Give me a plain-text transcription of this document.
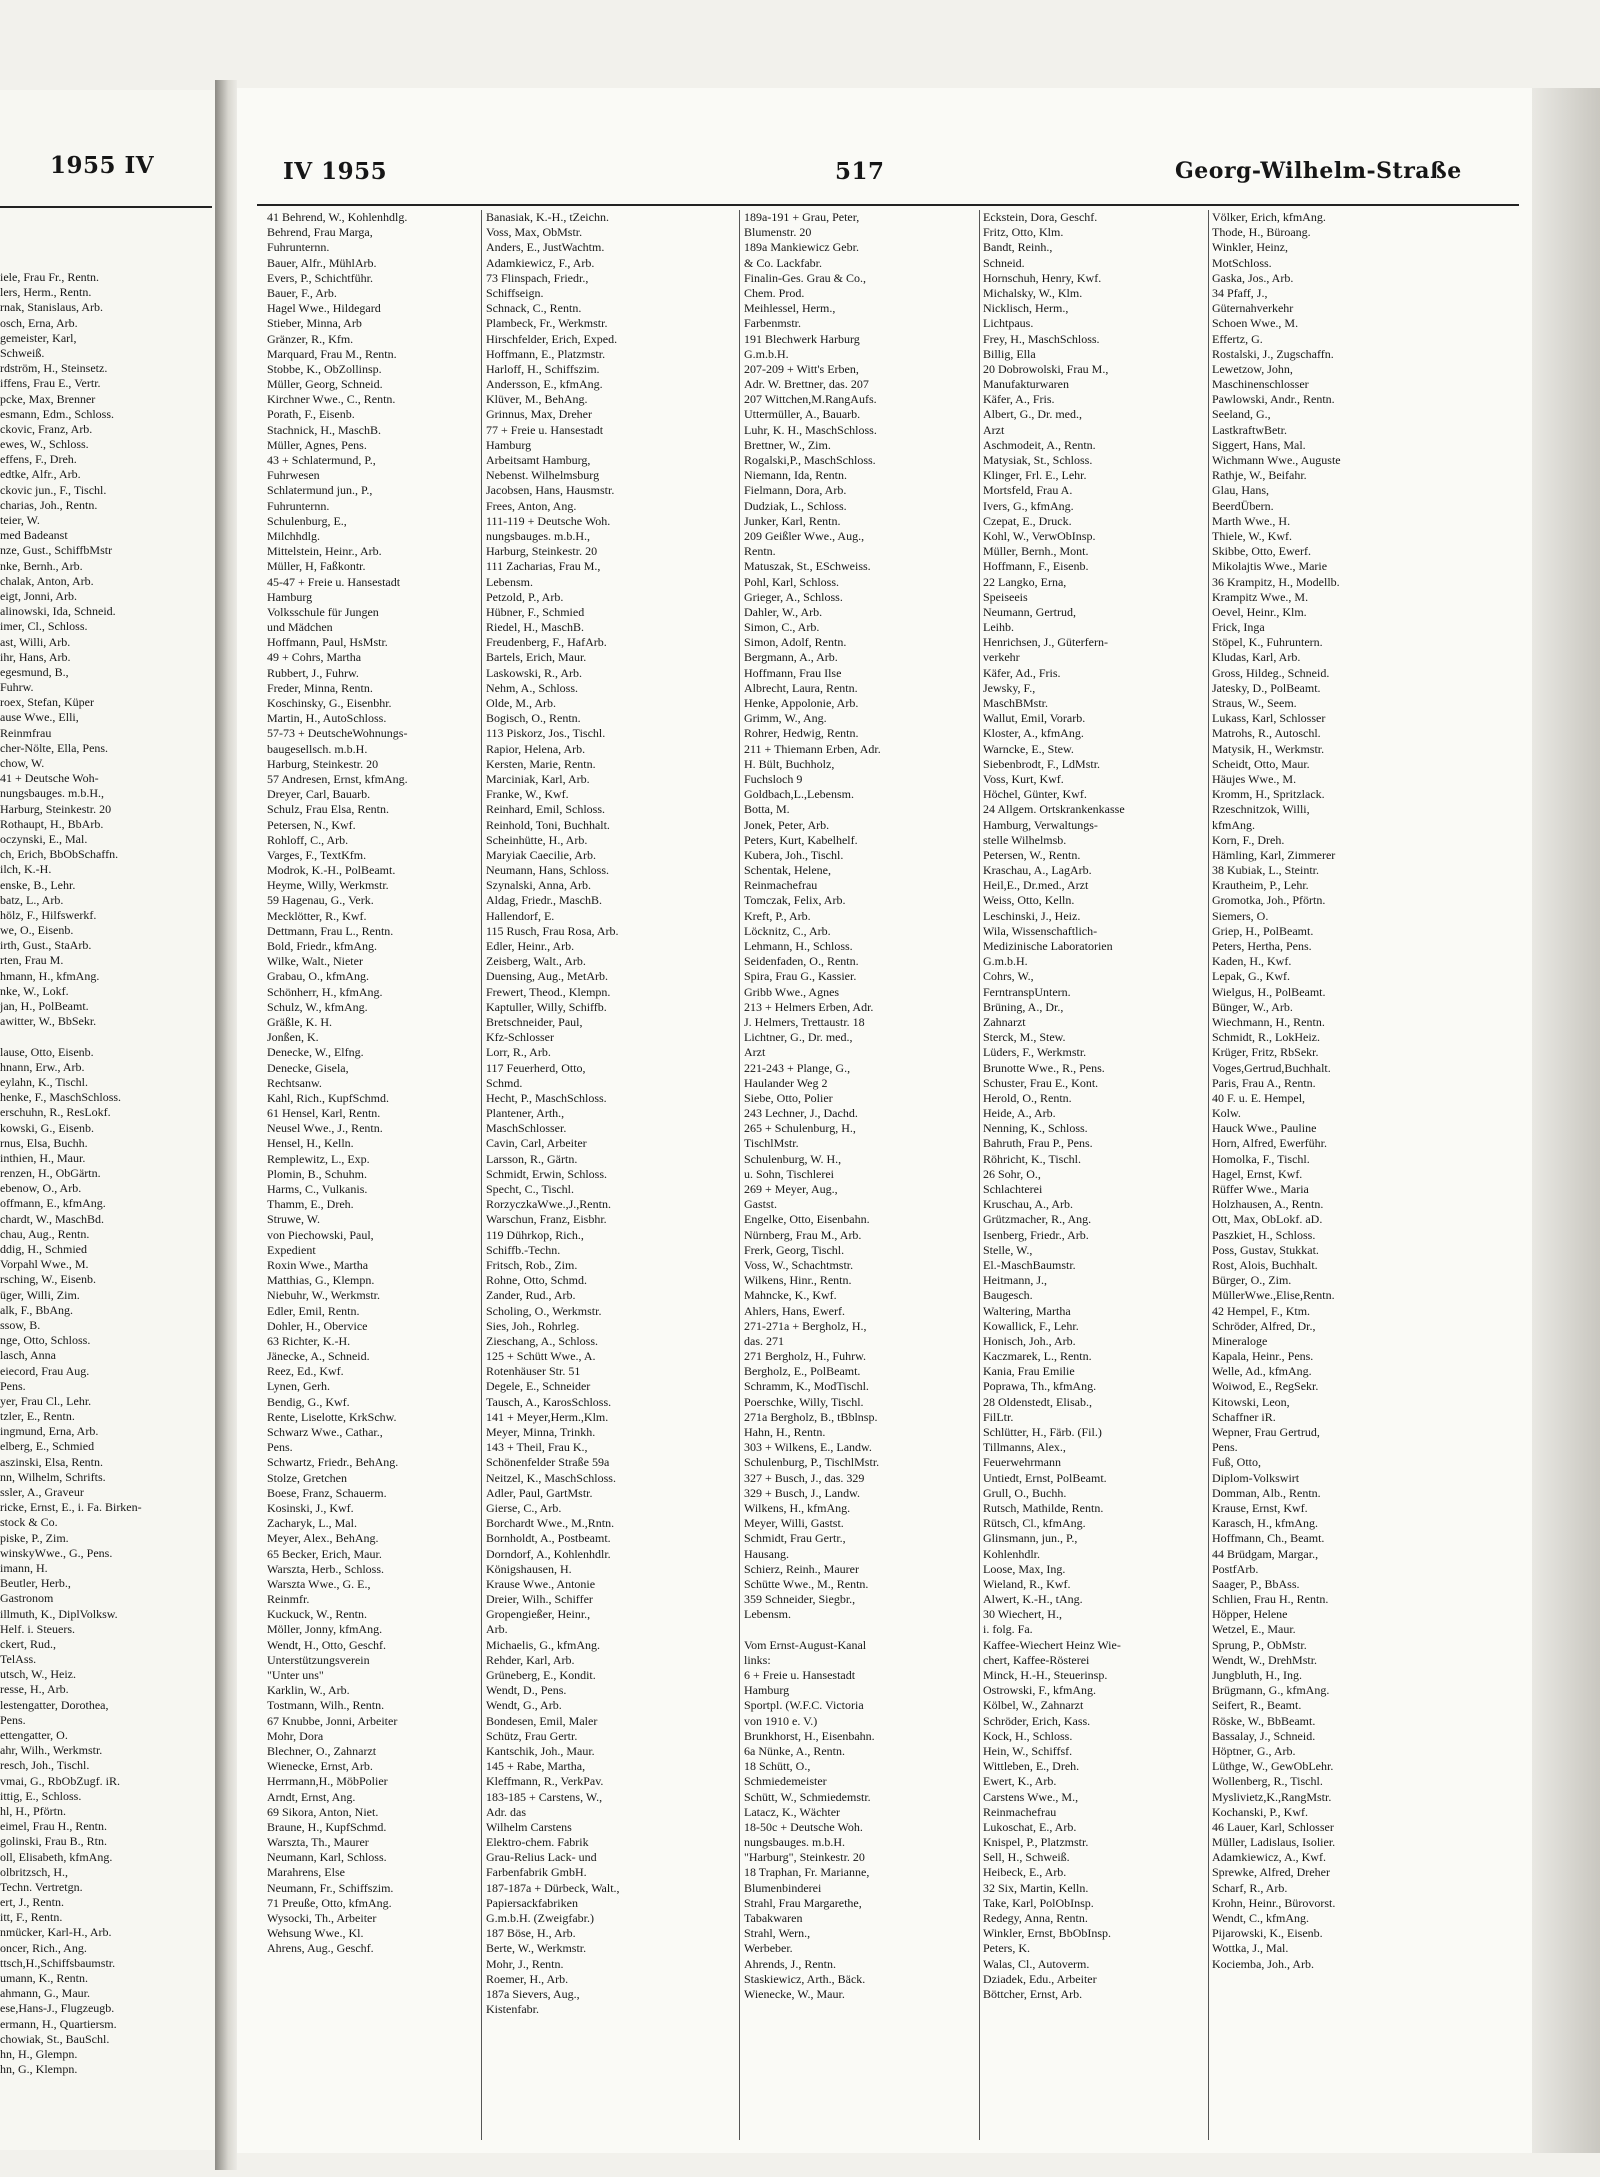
1955 IV
iele, Frau Fr., Rentn.
lers, Herm., Rentn.
rnak, Stanislaus, Arb.
osch, Erna, Arb.
gemeister, Karl,
Schweiß.
rdström, H., Steinsetz.
iffens, Frau E., Vertr.
pcke, Max, Brenner
esmann, Edm., Schloss.
ckovic, Franz, Arb.
ewes, W., Schloss.
effens, F., Dreh.
edtke, Alfr., Arb.
ckovic jun., F., Tischl.
charias, Joh., Rentn.
teier, W.
med Badeanst
nze, Gust., SchiffbMstr
nke, Bernh., Arb.
chalak, Anton, Arb.
eigt, Jonni, Arb.
alinowski, Ida, Schneid.
imer, Cl., Schloss.
ast, Willi, Arb.
ihr, Hans, Arb.
egesmund, B.,
Fuhrw.
roex, Stefan, Küper
ause Wwe., Elli,
Reinmfrau
cher-Nölte, Ella, Pens.
chow, W.
41 + Deutsche Woh-
nungsbauges. m.b.H.,
Harburg, Steinkestr. 20
Rothaupt, H., BbArb.
oczynski, E., Mal.
ch, Erich, BbObSchaffn.
ilch, K.-H.
enske, B., Lehr.
batz, L., Arb.
hölz, F., Hilfswerkf.
we, O., Eisenb.
irth, Gust., StaArb.
rten, Frau M.
hmann, H., kfmAng.
nke, W., Lokf.
jan, H., PolBeamt.
awitter, W., BbSekr.

lause, Otto, Eisenb.
hnann, Erw., Arb.
eylahn, K., Tischl.
henke, F., MaschSchloss.
erschuhn, R., ResLokf.
kowski, G., Eisenb.
rnus, Elsa, Buchh.
inthien, H., Maur.
renzen, H., ObGärtn.
ebenow, O., Arb.
offmann, E., kfmAng.
chardt, W., MaschBd.
chau, Aug., Rentn.
ddig, H., Schmied
Vorpahl Wwe., M.
rsching, W., Eisenb.
üger, Willi, Zim.
alk, F., BbAng.
ssow, B.
nge, Otto, Schloss.
lasch, Anna
eiecord, Frau Aug.
Pens.
yer, Frau Cl., Lehr.
tzler, E., Rentn.
ingmund, Erna, Arb.
elberg, E., Schmied
aszinski, Elsa, Rentn.
nn, Wilhelm, Schrifts.
ssler, A., Graveur
ricke, Ernst, E., i. Fa. Birken-
stock & Co.
piske, P., Zim.
winskyWwe., G., Pens.
imann, H.
Beutler, Herb.,
Gastronom
illmuth, K., DiplVolksw.
Helf. i. Steuers.
ckert, Rud.,
TelAss.
utsch, W., Heiz.
resse, H., Arb.
lestengatter, Dorothea,
Pens.
ettengatter, O.
ahr, Wilh., Werkmstr.
resch, Joh., Tischl.
vmai, G., RbObZugf. iR.
ittig, E., Schloss.
hl, H., Pförtn.
eimel, Frau H., Rentn.
golinski, Frau B., Rtn.
oll, Elisabeth, kfmAng.
olbritzsch, H.,
Techn. Vertretgn.
ert, J., Rentn.
itt, F., Rentn.
nmücker, Karl-H., Arb.
oncer, Rich., Ang.
ttsch,H.,Schiffsbaumstr.
umann, K., Rentn.
ahmann, G., Maur.
ese,Hans-J., Flugzeugb.
ermann, H., Quartiersm.
chowiak, St., BauSchl.
hn, H., Glempn.
hn, G., Klempn.
IV 1955	517	Georg-Wilhelm-Straße
41 Behrend, W., Kohlenhdlg.
Behrend, Frau Marga,
Fuhrunternn.
Bauer, Alfr., MühlArb.
Evers, P., Schichtführ.
Bauer, F., Arb.
Hagel Wwe., Hildegard
Stieber, Minna, Arb
Gränzer, R., Kfm.
Marquard, Frau M., Rentn.
Stobbe, K., ObZollinsp.
Müller, Georg, Schneid.
Kirchner Wwe., C., Rentn.
Porath, F., Eisenb.
Stachnick, H., MaschB.
Müller, Agnes, Pens.
43 + Schlatermund, P.,
Fuhrwesen
Schlatermund jun., P.,
Fuhrunternn.
Schulenburg, E.,
Milchhdlg.
Mittelstein, Heinr., Arb.
Müller, H, Faßkontr.
45-47 + Freie u. Hansestadt
Hamburg
Volksschule für Jungen
und Mädchen
Hoffmann, Paul, HsMstr.
49 + Cohrs, Martha
Rubbert, J., Fuhrw.
Freder, Minna, Rentn.
Koschinsky, G., Eisenbhr.
Martin, H., AutoSchloss.
57-73 + DeutscheWohnungs-
baugesellsch. m.b.H.
Harburg, Steinkestr. 20
57 Andresen, Ernst, kfmAng.
Dreyer, Carl, Bauarb.
Schulz, Frau Elsa, Rentn.
Petersen, N., Kwf.
Rohloff, C., Arb.
Varges, F., TextKfm.
Modrok, K.-H., PolBeamt.
Heyme, Willy, Werkmstr.
59 Hagenau, G., Verk.
Mecklötter, R., Kwf.
Dettmann, Frau L., Rentn.
Bold, Friedr., kfmAng.
Wilke, Walt., Nieter
Grabau, O., kfmAng.
Schönherr, H., kfmAng.
Schulz, W., kfmAng.
Gräßle, K. H.
Jonßen, K.
Denecke, W., Elfng.
Denecke, Gisela,
Rechtsanw.
Kahl, Rich., KupfSchmd.
61 Hensel, Karl, Rentn.
Neusel Wwe., J., Rentn.
Hensel, H., Kelln.
Remplewitz, L., Exp.
Plomin, B., Schuhm.
Harms, C., Vulkanis.
Thamm, E., Dreh.
Struwe, W.
von Piechowski, Paul,
Expedient
Roxin Wwe., Martha
Matthias, G., Klempn.
Niebuhr, W., Werkmstr.
Edler, Emil, Rentn.
Dohler, H., Obervice
63 Richter, K.-H.
Jänecke, A., Schneid.
Reez, Ed., Kwf.
Lynen, Gerh.
Bendig, G., Kwf.
Rente, Liselotte, KrkSchw.
Schwarz Wwe., Cathar.,
Pens.
Schwartz, Friedr., BehAng.
Stolze, Gretchen
Boese, Franz, Schauerm.
Kosinski, J., Kwf.
Zacharyk, L., Mal.
Meyer, Alex., BehAng.
65 Becker, Erich, Maur.
Warszta, Herb., Schloss.
Warszta Wwe., G. E.,
Reinmfr.
Kuckuck, W., Rentn.
Möller, Jonny, kfmAng.
Wendt, H., Otto, Geschf.
Unterstützungsverein
"Unter uns"
Karklin, W., Arb.
Tostmann, Wilh., Rentn.
67 Knubbe, Jonni, Arbeiter
Mohr, Dora
Blechner, O., Zahnarzt
Wienecke, Ernst, Arb.
Herrmann,H., MöbPolier
Arndt, Ernst, Ang.
69 Sikora, Anton, Niet.
Braune, H., KupfSchmd.
Warszta, Th., Maurer
Neumann, Karl, Schloss.
Marahrens, Else
Neumann, Fr., Schiffszim.
71 Preuße, Otto, kfmAng.
Wysocki, Th., Arbeiter
Wehsung Wwe., Kl.
Ahrens, Aug., Geschf.
Banasiak, K.-H., tZeichn.
Voss, Max, ObMstr.
Anders, E., JustWachtm.
Adamkiewicz, F., Arb.
73 Flinspach, Friedr.,
Schiffseign.
Schnack, C., Rentn.
Plambeck, Fr., Werkmstr.
Hirschfelder, Erich, Exped.
Hoffmann, E., Platzmstr.
Harloff, H., Schiffszim.
Andersson, E., kfmAng.
Klüver, M., BehAng.
Grinnus, Max, Dreher
77 + Freie u. Hansestadt
Hamburg
Arbeitsamt Hamburg,
Nebenst. Wilhelmsburg
Jacobsen, Hans, Hausmstr.
Frees, Anton, Ang.
111-119 + Deutsche Woh.
nungsbauges. m.b.H.,
Harburg, Steinkestr. 20
111 Zacharias, Frau M.,
Lebensm.
Petzold, P., Arb.
Hübner, F., Schmied
Riedel, H., MaschB.
Freudenberg, F., HafArb.
Bartels, Erich, Maur.
Laskowski, R., Arb.
Nehm, A., Schloss.
Olde, M., Arb.
Bogisch, O., Rentn.
113 Piskorz, Jos., Tischl.
Rapior, Helena, Arb.
Kersten, Marie, Rentn.
Marciniak, Karl, Arb.
Franke, W., Kwf.
Reinhard, Emil, Schloss.
Reinhold, Toni, Buchhalt.
Scheinhütte, H., Arb.
Maryiak Caecilie, Arb.
Neumann, Hans, Schloss.
Szynalski, Anna, Arb.
Aldag, Friedr., MaschB.
Hallendorf, E.
115 Rusch, Frau Rosa, Arb.
Edler, Heinr., Arb.
Zeisberg, Walt., Arb.
Duensing, Aug., MetArb.
Frewert, Theod., Klempn.
Kaptuller, Willy, Schiffb.
Bretschneider, Paul,
Kfz-Schlosser
Lorr, R., Arb.
117 Feuerherd, Otto,
Schmd.
Hecht, P., MaschSchloss.
Plantener, Arth.,
MaschSchlosser.
Cavin, Carl, Arbeiter
Larsson, R., Gärtn.
Schmidt, Erwin, Schloss.
Specht, C., Tischl.
RorzyczkaWwe.,J.,Rentn.
Warschun, Franz, Eisbhr.
119 Dührkop, Rich.,
Schiffb.-Techn.
Fritsch, Rob., Zim.
Rohne, Otto, Schmd.
Zander, Rud., Arb.
Scholing, O., Werkmstr.
Sies, Joh., Rohrleg.
Zieschang, A., Schloss.
125 + Schütt Wwe., A.
Rotenhäuser Str. 51
Degele, E., Schneider
Tausch, A., KarosSchloss.
141 + Meyer,Herm.,Klm.
Meyer, Minna, Trinkh.
143 + Theil, Frau K.,
Schönenfelder Straße 59a
Neitzel, K., MaschSchloss.
Adler, Paul, GartMstr.
Gierse, C., Arb.
Borchardt Wwe., M.,Rntn.
Bornholdt, A., Postbeamt.
Dorndorf, A., Kohlenhdlr.
Königshausen, H.
Krause Wwe., Antonie
Dreier, Wilh., Schiffer
Gropengießer, Heinr.,
Arb.
Michaelis, G., kfmAng.
Rehder, Karl, Arb.
Grüneberg, E., Kondit.
Wendt, D., Pens.
Wendt, G., Arb.
Bondesen, Emil, Maler
Schütz, Frau Gertr.
Kantschik, Joh., Maur.
145 + Rabe, Martha,
Kleffmann, R., VerkPav.
183-185 + Carstens, W.,
Adr. das
Wilhelm Carstens
Elektro-chem. Fabrik
Grau-Relius Lack- und
Farbenfabrik GmbH.
187-187a + Dürbeck, Walt.,
Papiersackfabriken
G.m.b.H. (Zweigfabr.)
187 Böse, H., Arb.
Berte, W., Werkmstr.
Mohr, J., Rentn.
Roemer, H., Arb.
187a Sievers, Aug.,
Kistenfabr.
189a-191 + Grau, Peter,
Blumenstr. 20
189a Mankiewicz Gebr.
& Co. Lackfabr.
Finalin-Ges. Grau & Co.,
Chem. Prod.
Meihlessel, Herm.,
Farbenmstr.
191 Blechwerk Harburg
G.m.b.H.
207-209 + Witt's Erben,
Adr. W. Brettner, das. 207
207 Wittchen,M.RangAufs.
Uttermüller, A., Bauarb.
Luhr, K. H., MaschSchloss.
Brettner, W., Zim.
Rogalski,P., MaschSchloss.
Niemann, Ida, Rentn.
Fielmann, Dora, Arb.
Dudziak, L., Schloss.
Junker, Karl, Rentn.
209 Geißler Wwe., Aug.,
Rentn.
Matuszak, St., ESchweiss.
Pohl, Karl, Schloss.
Grieger, A., Schloss.
Dahler, W., Arb.
Simon, C., Arb.
Simon, Adolf, Rentn.
Bergmann, A., Arb.
Hoffmann, Frau Ilse
Albrecht, Laura, Rentn.
Henke, Appolonie, Arb.
Grimm, W., Ang.
Rohrer, Hedwig, Rentn.
211 + Thiemann Erben, Adr.
H. Bült, Buchholz,
Fuchsloch 9
Goldbach,L.,Lebensm.
Botta, M.
Jonek, Peter, Arb.
Peters, Kurt, Kabelhelf.
Kubera, Joh., Tischl.
Schentak, Helene,
Reinmachefrau
Tomczak, Felix, Arb.
Kreft, P., Arb.
Löcknitz, C., Arb.
Lehmann, H., Schloss.
Seidenfaden, O., Rentn.
Spira, Frau G., Kassier.
Gribb Wwe., Agnes
213 + Helmers Erben, Adr.
J. Helmers, Trettaustr. 18
Lichtner, G., Dr. med.,
Arzt
221-243 + Plange, G.,
Haulander Weg 2
Siebe, Otto, Polier
243 Lechner, J., Dachd.
265 + Schulenburg, H.,
TischlMstr.
Schulenburg, W. H.,
u. Sohn, Tischlerei
269 + Meyer, Aug.,
Gastst.
Engelke, Otto, Eisenbahn.
Nürnberg, Frau M., Arb.
Frerk, Georg, Tischl.
Voss, W., Schachtmstr.
Wilkens, Hinr., Rentn.
Mahncke, K., Kwf.
Ahlers, Hans, Ewerf.
271-271a + Bergholz, H.,
das. 271
271 Bergholz, H., Fuhrw.
Bergholz, E., PolBeamt.
Schramm, K., ModTischl.
Poerschke, Willy, Tischl.
271a Bergholz, B., tBblnsp.
Hahn, H., Rentn.
303 + Wilkens, E., Landw.
Schulenburg, P., TischlMstr.
327 + Busch, J., das. 329
329 + Busch, J., Landw.
Wilkens, H., kfmAng.
Meyer, Willi, Gastst.
Schmidt, Frau Gertr.,
Hausang.
Schierz, Reinh., Maurer
Schütte Wwe., M., Rentn.
359 Schneider, Siegbr.,
Lebensm.

Vom Ernst-August-Kanal
links:
6 + Freie u. Hansestadt
Hamburg
Sportpl. (W.F.C. Victoria
von 1910 e. V.)
Brunkhorst, H., Eisenbahn.
6a Nünke, A., Rentn.
18 Schütt, O.,
Schmiedemeister
Schütt, W., Schmiedemstr.
Latacz, K., Wächter
18-50c + Deutsche Woh.
nungsbauges. m.b.H.
"Harburg", Steinkestr. 20
18 Traphan, Fr. Marianne,
Blumenbinderei
Strahl, Frau Margarethe,
Tabakwaren
Strahl, Wern.,
Werbeber.
Ahrends, J., Rentn.
Staskiewicz, Arth., Bäck.
Wienecke, W., Maur.
Eckstein, Dora, Geschf.
Fritz, Otto, Klm.
Bandt, Reinh.,
Schneid.
Hornschuh, Henry, Kwf.
Michalsky, W., Klm.
Nicklisch, Herm.,
Lichtpaus.
Frey, H., MaschSchloss.
Billig, Ella
20 Dobrowolski, Frau M.,
Manufakturwaren
Käfer, A., Fris.
Albert, G., Dr. med.,
Arzt
Aschmodeit, A., Rentn.
Matysiak, St., Schloss.
Klinger, Frl. E., Lehr.
Mortsfeld, Frau A.
Ivers, G., kfmAng.
Czepat, E., Druck.
Kohl, W., VerwObInsp.
Müller, Bernh., Mont.
Hoffmann, F., Eisenb.
22 Langko, Erna,
Speiseeis
Neumann, Gertrud,
Leihb.
Henrichsen, J., Güterfern-
verkehr
Käfer, Ad., Fris.
Jewsky, F.,
MaschBMstr.
Wallut, Emil, Vorarb.
Kloster, A., kfmAng.
Warncke, E., Stew.
Siebenbrodt, F., LdMstr.
Voss, Kurt, Kwf.
Höchel, Günter, Kwf.
24 Allgem. Ortskrankenkasse
Hamburg, Verwaltungs-
stelle Wilhelmsb.
Petersen, W., Rentn.
Kraschau, A., LagArb.
Heil,E., Dr.med., Arzt
Weiss, Otto, Kelln.
Leschinski, J., Heiz.
Wila, Wissenschaftlich-
Medizinische Laboratorien
G.m.b.H.
Cohrs, W.,
FerntranspUntern.
Brüning, A., Dr.,
Zahnarzt
Sterck, M., Stew.
Lüders, F., Werkmstr.
Brunotte Wwe., R., Pens.
Schuster, Frau E., Kont.
Herold, O., Rentn.
Heide, A., Arb.
Nenning, K., Schloss.
Bahruth, Frau P., Pens.
Röhricht, K., Tischl.
26 Sohr, O.,
Schlachterei
Kruschau, A., Arb.
Grützmacher, R., Ang.
Isenberg, Friedr., Arb.
Stelle, W.,
El.-MaschBaumstr.
Heitmann, J.,
Baugesch.
Waltering, Martha
Kowallick, F., Lehr.
Honisch, Joh., Arb.
Kaczmarek, L., Rentn.
Kania, Frau Emilie
Poprawa, Th., kfmAng.
28 Oldenstedt, Elisab.,
FilLtr.
Schlütter, H., Färb. (Fil.)
Tillmanns, Alex.,
Feuerwehrmann
Untiedt, Ernst, PolBeamt.
Grull, O., Buchh.
Rutsch, Mathilde, Rentn.
Rütsch, Cl., kfmAng.
Glinsmann, jun., P.,
Kohlenhdlr.
Loose, Max, Ing.
Wieland, R., Kwf.
Alwert, K.-H., tAng.
30 Wiechert, H.,
i. folg. Fa.
Kaffee-Wiechert Heinz Wie-
chert, Kaffee-Rösterei
Minck, H.-H., Steuerinsp.
Ostrowski, F., kfmAng.
Kölbel, W., Zahnarzt
Schröder, Erich, Kass.
Kock, H., Schloss.
Hein, W., Schiffsf.
Wittleben, E., Dreh.
Ewert, K., Arb.
Carstens Wwe., M.,
Reinmachefrau
Lukoschat, E., Arb.
Knispel, P., Platzmstr.
Sell, H., Schweiß.
Heibeck, E., Arb.
32 Six, Martin, Kelln.
Take, Karl, PolObInsp.
Redegy, Anna, Rentn.
Winkler, Ernst, BbObInsp.
Peters, K.
Walas, Cl., Autoverm.
Dziadek, Edu., Arbeiter
Böttcher, Ernst, Arb.
Völker, Erich, kfmAng.
Thode, H., Büroang.
Winkler, Heinz,
MotSchloss.
Gaska, Jos., Arb.
34 Pfaff, J.,
Güternahverkehr
Schoen Wwe., M.
Effertz, G.
Rostalski, J., Zugschaffn.
Lewetzow, John,
Maschinenschlosser
Pawlowski, Andr., Rentn.
Seeland, G.,
LastkraftwBetr.
Siggert, Hans, Mal.
Wichmann Wwe., Auguste
Rathje, W., Beifahr.
Glau, Hans,
BeerdÜbern.
Marth Wwe., H.
Thiele, W., Kwf.
Skibbe, Otto, Ewerf.
Mikolajtis Wwe., Marie
36 Krampitz, H., Modellb.
Krampitz Wwe., M.
Oevel, Heinr., Klm.
Frick, Inga
Stöpel, K., Fuhruntern.
Kludas, Karl, Arb.
Gross, Hildeg., Schneid.
Jatesky, D., PolBeamt.
Straus, W., Seem.
Lukass, Karl, Schlosser
Matrohs, R., Autoschl.
Matysik, H., Werkmstr.
Scheidt, Otto, Maur.
Häujes Wwe., M.
Kromm, H., Spritzlack.
Rzeschnitzok, Willi,
kfmAng.
Korn, F., Dreh.
Hämling, Karl, Zimmerer
38 Kubiak, L., Steintr.
Krautheim, P., Lehr.
Gromotka, Joh., Pförtn.
Siemers, O.
Griep, H., PolBeamt.
Peters, Hertha, Pens.
Kaden, H., Kwf.
Lepak, G., Kwf.
Wielgus, H., PolBeamt.
Bünger, W., Arb.
Wiechmann, H., Rentn.
Schmidt, R., LokHeiz.
Krüger, Fritz, RbSekr.
Voges,Gertrud,Buchhalt.
Paris, Frau A., Rentn.
40 F. u. E. Hempel,
Kolw.
Hauck Wwe., Pauline
Horn, Alfred, Ewerführ.
Homolka, F., Tischl.
Hagel, Ernst, Kwf.
Rüffer Wwe., Maria
Holzhausen, A., Rentn.
Ott, Max, ObLokf. aD.
Paszkiet, H., Schloss.
Poss, Gustav, Stukkat.
Rost, Alois, Buchhalt.
Bürger, O., Zim.
MüllerWwe.,Elise,Rentn.
42 Hempel, F., Ktm.
Schröder, Alfred, Dr.,
Mineraloge
Kapala, Heinr., Pens.
Welle, Ad., kfmAng.
Woiwod, E., RegSekr.
Kitowski, Leon,
Schaffner iR.
Wepner, Frau Gertrud,
Pens.
Fuß, Otto,
Diplom-Volkswirt
Domman, Alb., Rentn.
Krause, Ernst, Kwf.
Karasch, H., kfmAng.
Hoffmann, Ch., Beamt.
44 Brüdgam, Margar.,
PostfArb.
Saager, P., BbAss.
Schlien, Frau H., Rentn.
Höpper, Helene
Wetzel, E., Maur.
Sprung, P., ObMstr.
Wendt, W., DrehMstr.
Jungbluth, H., Ing.
Brügmann, G., kfmAng.
Seifert, R., Beamt.
Röske, W., BbBeamt.
Bassalay, J., Schneid.
Höptner, G., Arb.
Lüthge, W., GewObLehr.
Wollenberg, R., Tischl.
Myslivietz,K.,RangMstr.
Kochanski, P., Kwf.
46 Lauer, Karl, Schlosser
Müller, Ladislaus, Isolier.
Adamkiewicz, A., Kwf.
Sprewke, Alfred, Dreher
Scharf, R., Arb.
Krohn, Heinr., Bürovorst.
Wendt, C., kfmAng.
Pijarowski, K., Eisenb.
Wottka, J., Mal.
Kociemba, Joh., Arb.
